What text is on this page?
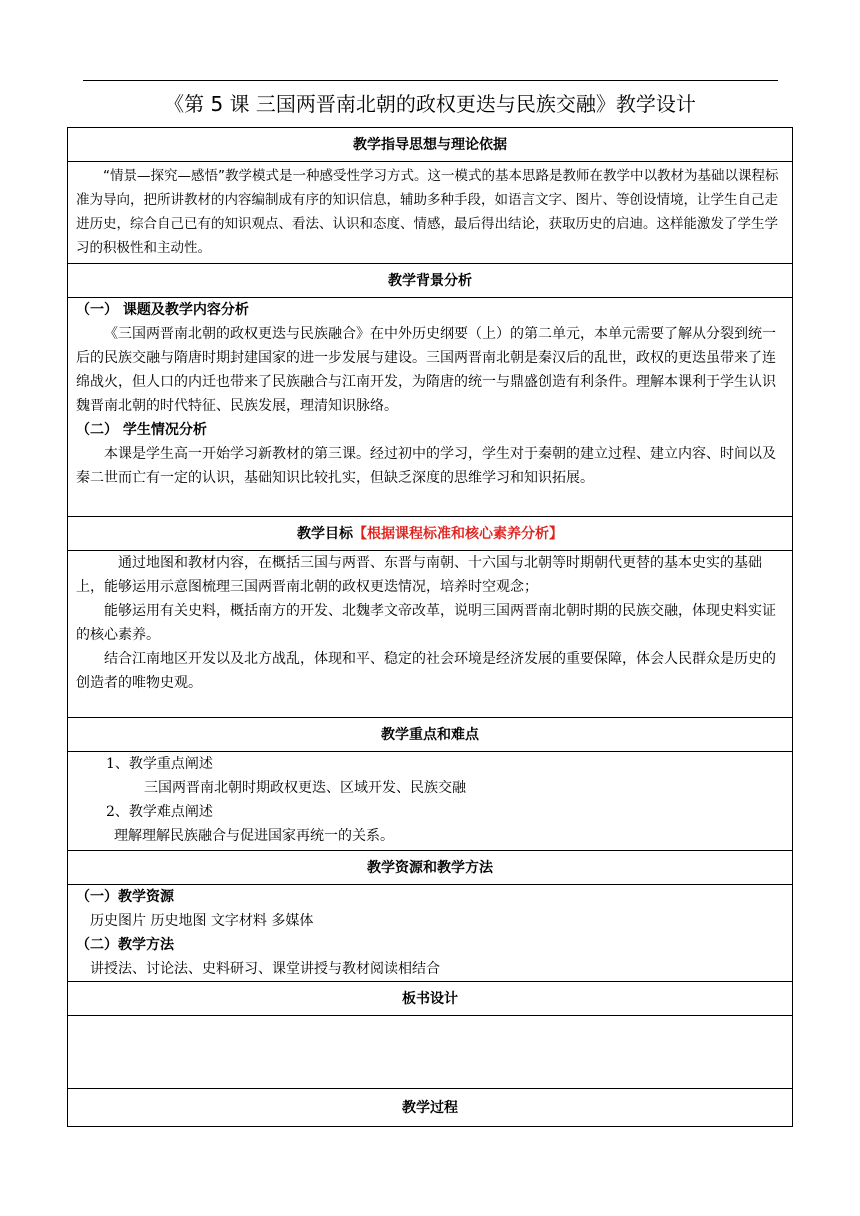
《第 5 课 三国两晋南北朝的政权更迭与民族交融》教学设计
教学指导思想与理论依据

“情景—探究—感悟”教学模式是一种感受性学习方式。这一模式的基本思路是教师在教学中以教材为基础以课程标准为导向，把所讲教材的内容编制成有序的知识信息，辅助多种手段，如语言文字、图片、等创设情境，让学生自己走进历史，综合自己已有的知识观点、看法、认识和态度、情感，最后得出结论，获取历史的启迪。这样能激发了学生学习的积极性和主动性。

教学背景分析

（一） 课题及教学内容分析

《三国两晋南北朝的政权更迭与民族融合》在中外历史纲要（上）的第二单元，本单元需要了解从分裂到统一后的民族交融与隋唐时期封建国家的进一步发展与建设。三国两晋南北朝是秦汉后的乱世，政权的更迭虽带来了连绵战火，但人口的内迁也带来了民族融合与江南开发，为隋唐的统一与鼎盛创造有利条件。理解本课利于学生认识魏晋南北朝的时代特征、民族发展，理清知识脉络。

（二） 学生情况分析

本课是学生高一开始学习新教材的第三课。经过初中的学习，学生对于秦朝的建立过程、建立内容、时间以及秦二世而亡有一定的认识，基础知识比较扎实，但缺乏深度的思维学习和知识拓展。

教学目标【根据课程标准和核心素养分析】

通过地图和教材内容，在概括三国与两晋、东晋与南朝、十六国与北朝等时期朝代更替的基本史实的基础上，能够运用示意图梳理三国两晋南北朝的政权更迭情况，培养时空观念；

能够运用有关史料，概括南方的开发、北魏孝文帝改革，说明三国两晋南北朝时期的民族交融，体现史料实证的核心素养。

结合江南地区开发以及北方战乱，体现和平、稳定的社会环境是经济发展的重要保障，体会人民群众是历史的创造者的唯物史观。

教学重点和难点

1、教学重点阐述

三国两晋南北朝时期政权更迭、区域开发、民族交融

2、教学难点阐述

理解理解民族融合与促进国家再统一的关系。

教学资源和教学方法

（一）教学资源

历史图片 历史地图 文字材料 多媒体

（二）教学方法

讲授法、讨论法、史料研习、课堂讲授与教材阅读相结合

板书设计

教学过程
